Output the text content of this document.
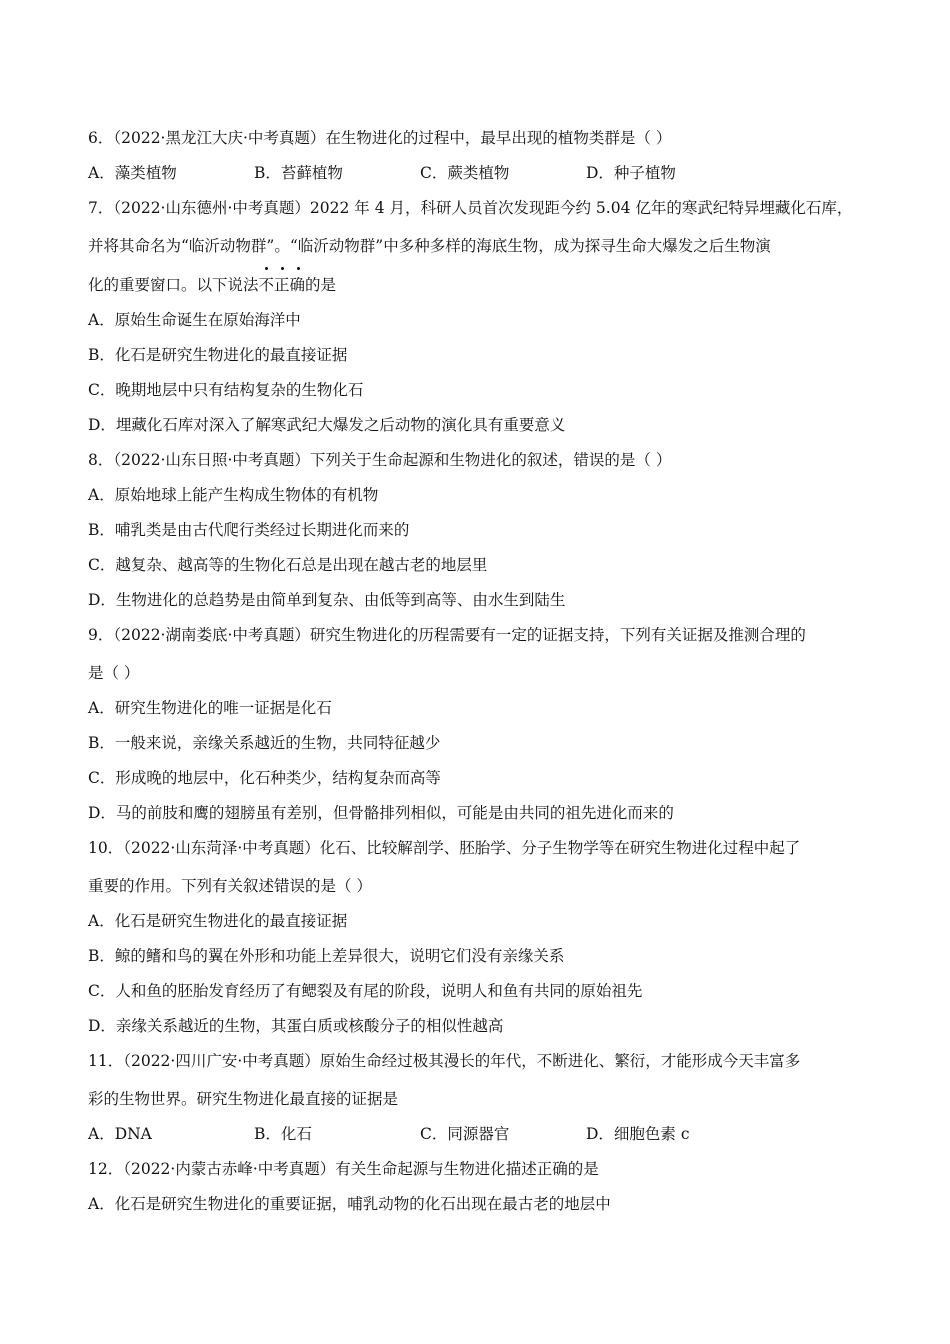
6．（2022·黑龙江大庆·中考真题）在生物进化的过程中，最早出现的植物类群是（ ）
A．藻类植物	B．苔藓植物	C．蕨类植物	D．种子植物
7．（2022·山东德州·中考真题）2022 年 4 月，科研人员首次发现距今约 5.04 亿年的寒武纪特异埋藏化石库，
并将其命名为“临沂动物群”。“临沂动物群”中多种多样的海底生物，成为探寻生命大爆发之后生物演
化的重要窗口。以下说法不正确
的是
A．原始生命诞生在原始海洋中
B．化石是研究生物进化的最直接证据
C．晚期地层中只有结构复杂的生物化石
D．埋藏化石库对深入了解寒武纪大爆发之后动物的演化具有重要意义
8．（2022·山东日照·中考真题）下列关于生命起源和生物进化的叙述，错误的是（ ）
A．原始地球上能产生构成生物体的有机物
B．哺乳类是由古代爬行类经过长期进化而来的
C．越复杂、越高等的生物化石总是出现在越古老的地层里
D．生物进化的总趋势是由简单到复杂、由低等到高等、由水生到陆生
9．（2022·湖南娄底·中考真题）研究生物进化的历程需要有一定的证据支持，下列有关证据及推测合理的
是（ ）
A．研究生物进化的唯一证据是化石
B．一般来说，亲缘关系越近的生物，共同特征越少
C．形成晚的地层中，化石种类少，结构复杂而高等
D．马的前肢和鹰的翅膀虽有差别，但骨骼排列相似，可能是由共同的祖先进化而来的
10．（2022·山东菏泽·中考真题）化石、比较解剖学、胚胎学、分子生物学等在研究生物进化过程中起了
重要的作用。下列有关叙述错误的是（ ）
A．化石是研究生物进化的最直接证据
B．鲸的鳍和鸟的翼在外形和功能上差异很大，说明它们没有亲缘关系
C．人和鱼的胚胎发育经历了有鳃裂及有尾的阶段，说明人和鱼有共同的原始祖先
D．亲缘关系越近的生物，其蛋白质或核酸分子的相似性越高
11．（2022·四川广安·中考真题）原始生命经过极其漫长的年代，不断进化、繁衍，才能形成今天丰富多
彩的生物世界。研究生物进化最直接的证据是
A．DNA	B．化石	C．同源器官	D．细胞色素 c
12．（2022·内蒙古赤峰·中考真题）有关生命起源与生物进化描述正确的是
A．化石是研究生物进化的重要证据，哺乳动物的化石出现在最古老的地层中
